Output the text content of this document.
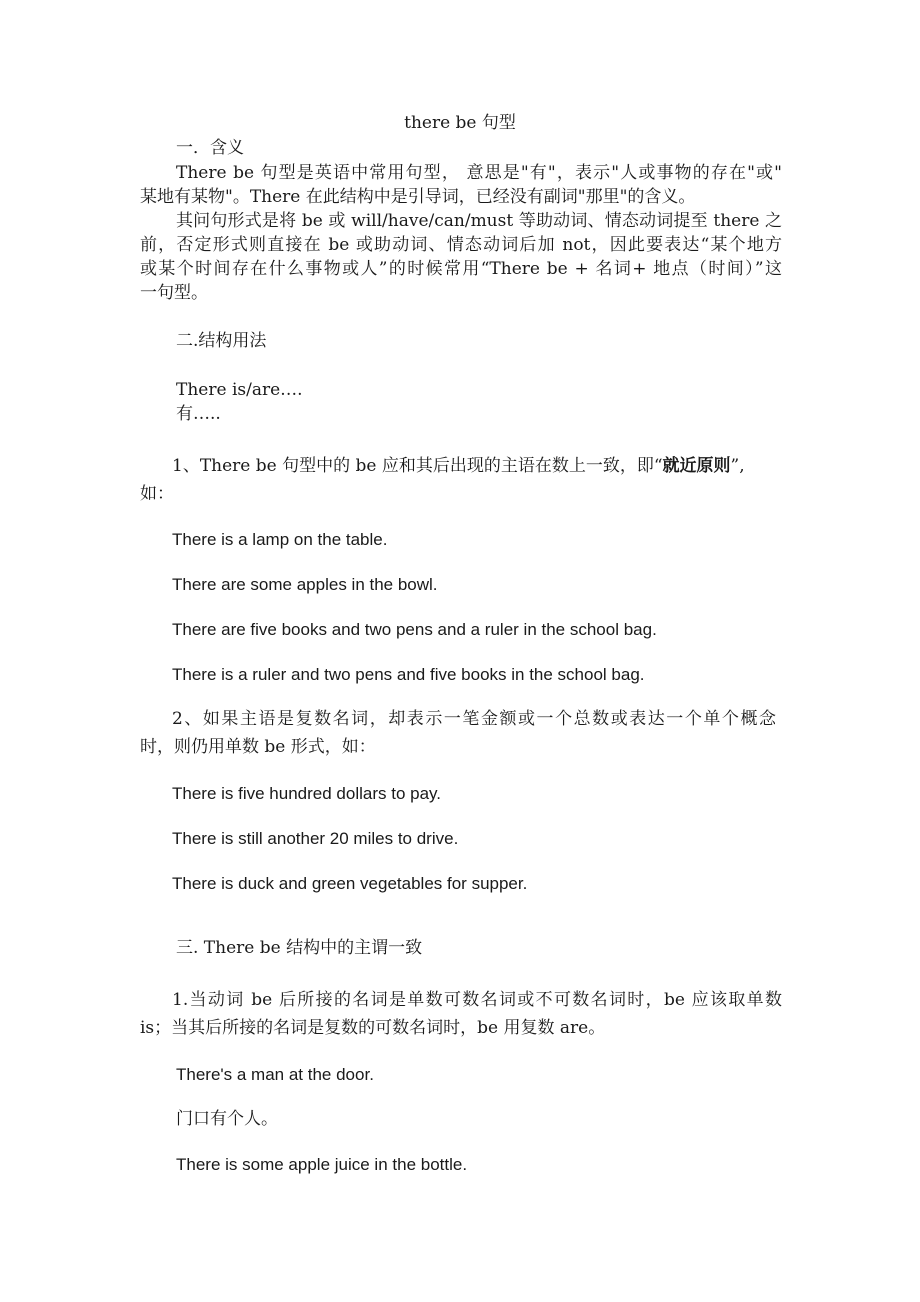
there be 句型
一．含义
There be 句型是英语中常用句型， 意思是"有"，表示"人或事物的存在"或"
某地有某物"。There 在此结构中是引导词，已经没有副词"那里"的含义。
其问句形式是将 be 或 will/have/can/must 等助动词、情态动词提至 there 之
前，否定形式则直接在 be 或助动词、情态动词后加 not，因此要表达“某个地方
或某个时间存在什么事物或人”的时候常用“There be + 名词+ 地点（时间）”这
一句型。
二.结构用法
There is/are….
有…..
1、There be 句型中的 be 应和其后出现的主语在数上一致，即“就近原则”,
如：
There is a lamp on the table.
There are some apples in the bowl.
There are five books and two pens and a ruler in the school bag.
There is a ruler and two pens and five books in the school bag.
2、如果主语是复数名词，却表示一笔金额或一个总数或表达一个单个概念
时，则仍用单数 be 形式，如：
There is five hundred dollars to pay.
There is still another 20 miles to drive.
There is duck and green vegetables for supper.
三. There be 结构中的主谓一致
1.当动词 be 后所接的名词是单数可数名词或不可数名词时，be 应该取单数
is；当其后所接的名词是复数的可数名词时，be 用复数 are。
There's a man at the door.
门口有个人。
There is some apple juice in the bottle.
